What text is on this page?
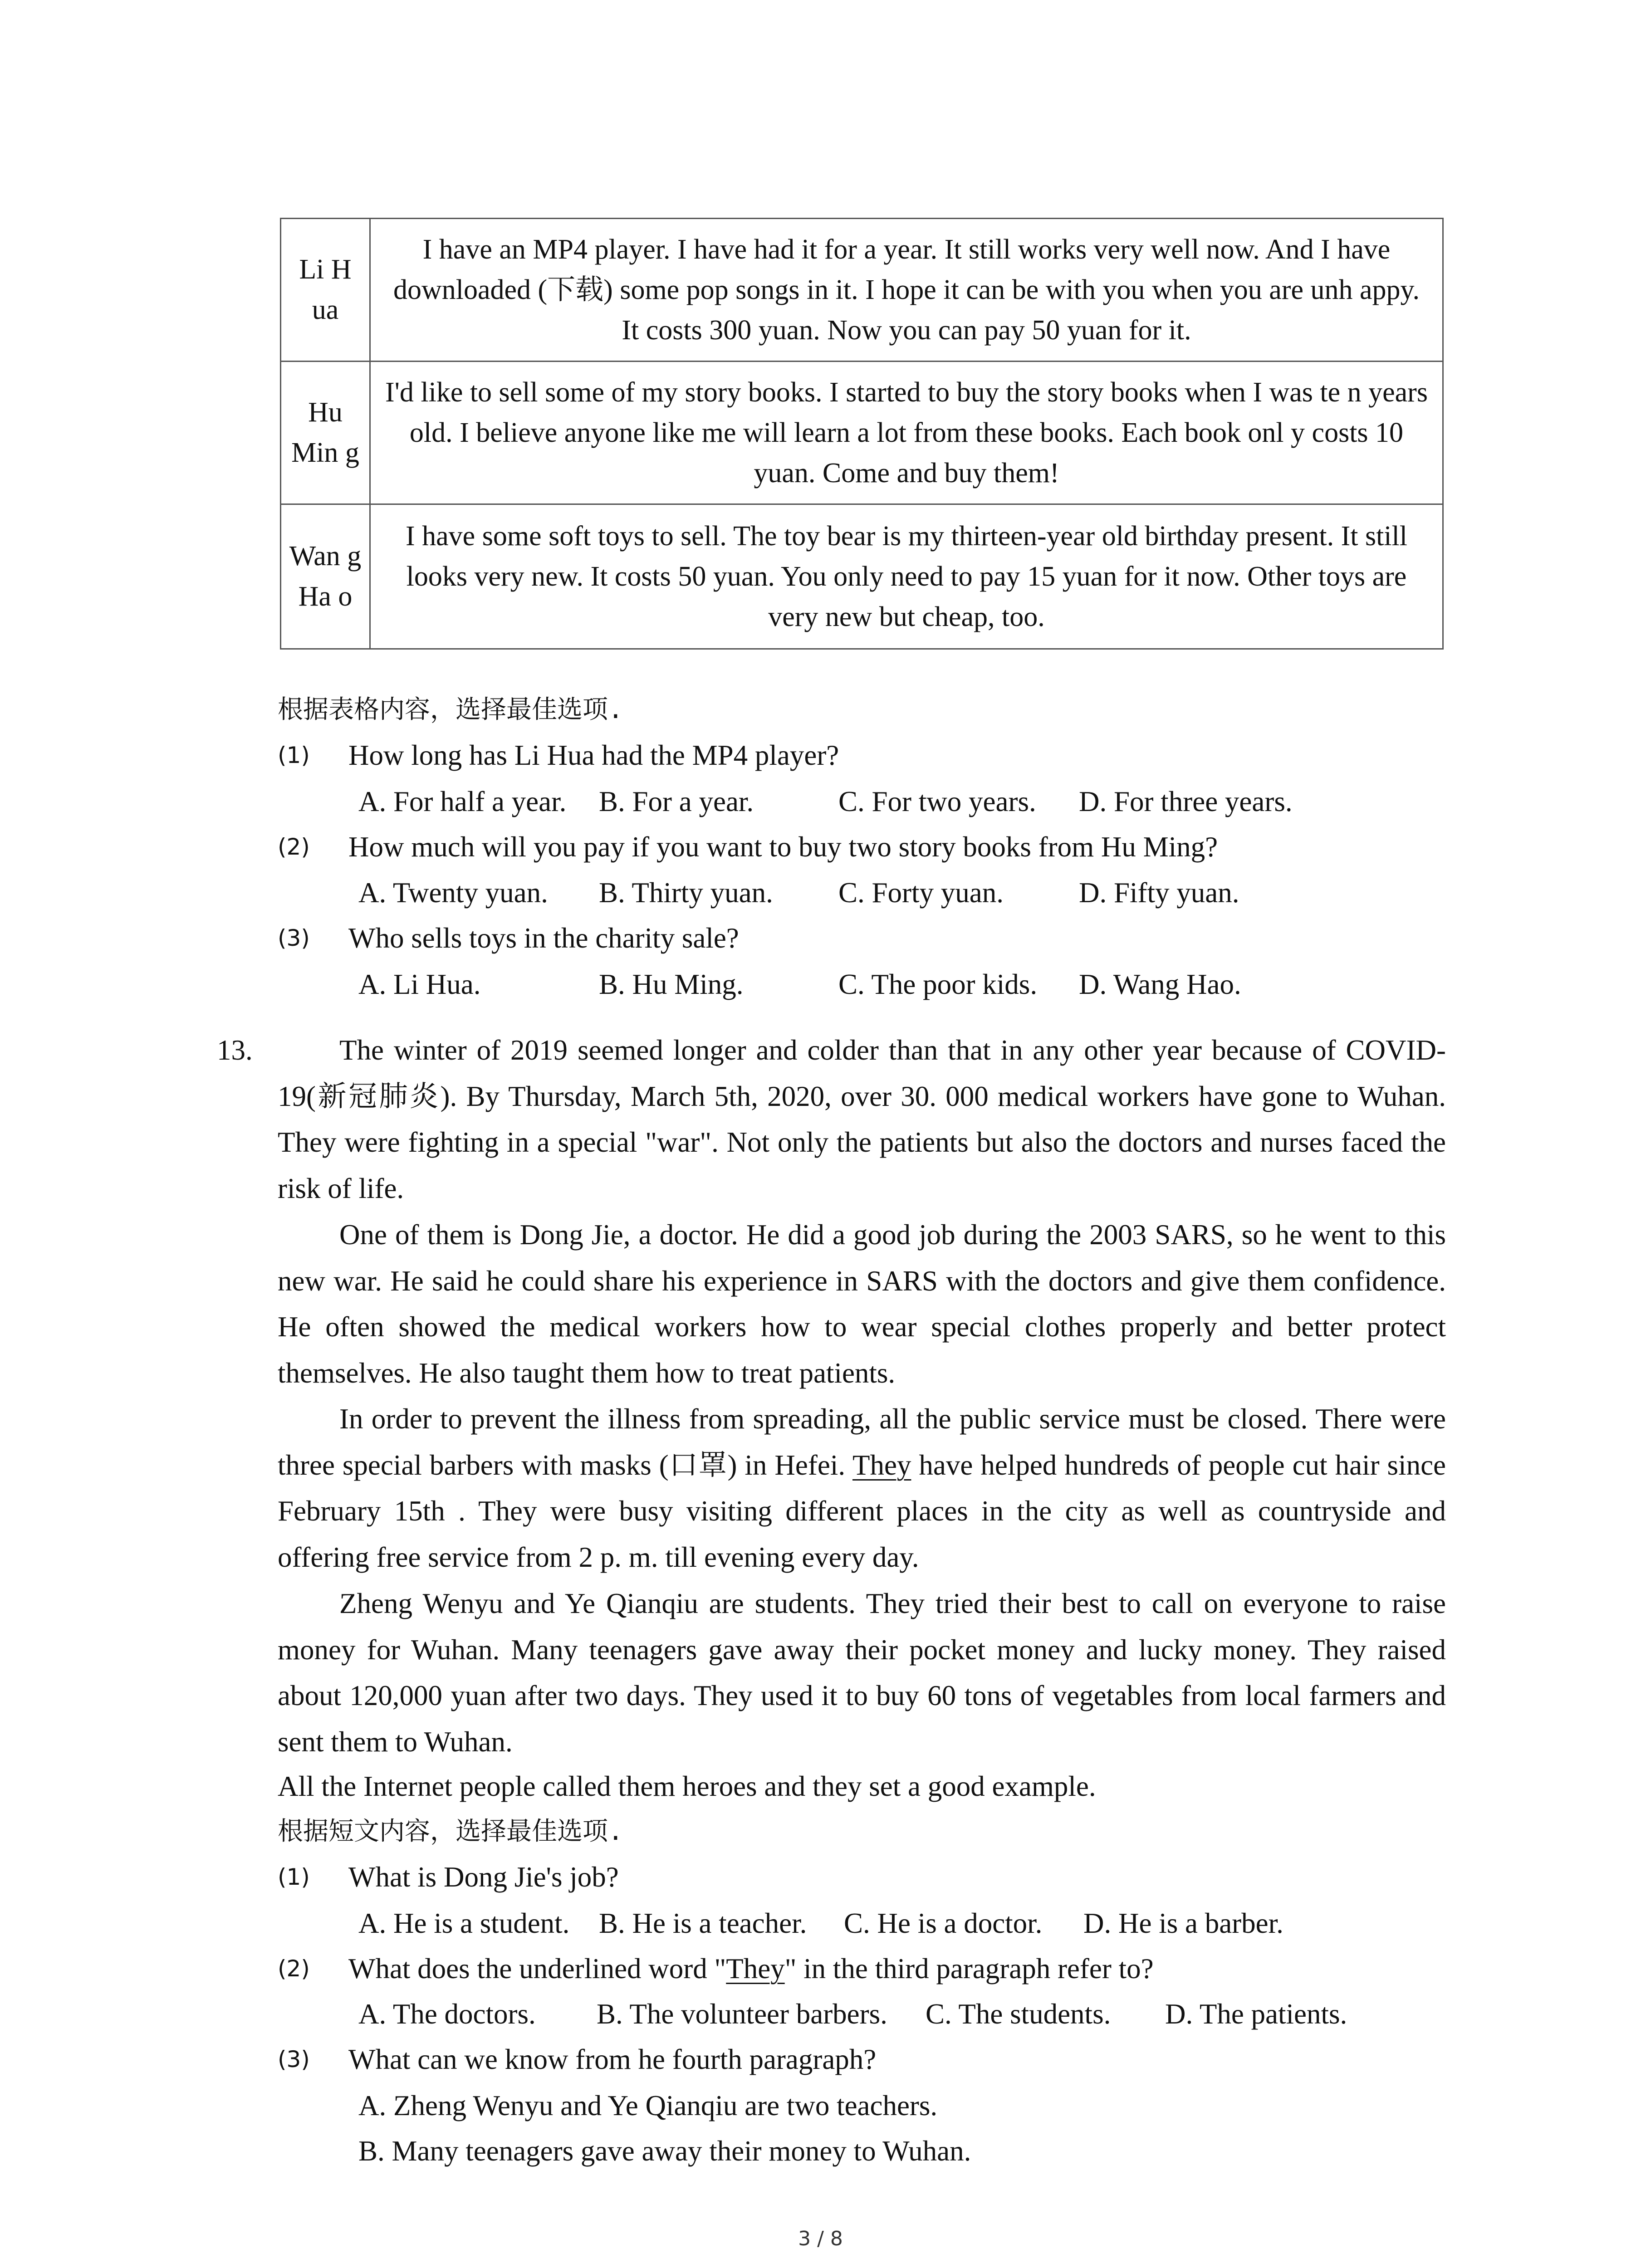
Li H ua	I have an MP4 player. I have had it for a year. It still works very well now. And I have downloaded (下载) some pop songs in it. I hope it can be with you when you are unh appy. It costs 300 yuan. Now you can pay 50 yuan for it.
Hu Min g	I'd like to sell some of my story books. I started to buy the story books when I was te n years old. I believe anyone like me will learn a lot from these books. Each book onl y costs 10 yuan. Come and buy them!
Wan g Ha o	I have some soft toys to sell. The toy bear is my thirteen-year old birthday present. It still looks very new. It costs 50 yuan. You only need to pay 15 yuan for it now. Other toys are very new but cheap, too.
根据表格内容，选择最佳选项.
(1) How long has Li Hua had the MP4 player?
A. For half a year. B. For a year.	C. For two years. D. For three years.
(2) How much will you pay if you want to buy two story books from Hu Ming?
A. Twenty yuan. B. Thirty yuan. C. Forty yuan.	D. Fifty yuan.
(3) Who sells toys in the charity sale?
A. Li Hua.	B. Hu Ming.	C. The poor kids. D. Wang Hao.
13.	The winter of 2019 seemed longer and colder than that in any other year because of COVID-19(新冠肺炎). By Thursday, March 5th, 2020, over 30. 000 medical workers have gone to Wuhan. They were fighting in a special "war". Not only the patients but also the doctors and nurses faced the risk of life.
One of them is Dong Jie, a doctor. He did a good job during the 2003 SARS, so he went to this new war. He said he could share his experience in SARS with the doctors and give them confidence. He often showed the medical workers how to wear special clothes properly and better protect themselves. He also taught them how to treat patients.
In order to prevent the illness from spreading, all the public service must be closed. There were three special barbers with masks (口罩) in Hefei. They have helped hundreds of people cut hair since February 15th . They were busy visiting different places in the city as well as countryside and offering free service from 2 p. m. till evening every day.
Zheng Wenyu and Ye Qianqiu are students. They tried their best to call on everyone to raise money for Wuhan. Many teenagers gave away their pocket money and lucky money. They raised about 120,000 yuan after two days. They used it to buy 60 tons of vegetables from local farmers and sent them to Wuhan.
All the Internet people called them heroes and they set a good example.
根据短文内容，选择最佳选项.
(1) What is Dong Jie's job?
A. He is a student. B. He is a teacher. C. He is a doctor. D. He is a barber.
(2) What does the underlined word "They" in the third paragraph refer to?
A. The doctors. B. The volunteer barbers. C. The students. D. The patients.
(3) What can we know from he fourth paragraph?
A. Zheng Wenyu and Ye Qianqiu are two teachers.
B. Many teenagers gave away their money to Wuhan.
3 / 8
